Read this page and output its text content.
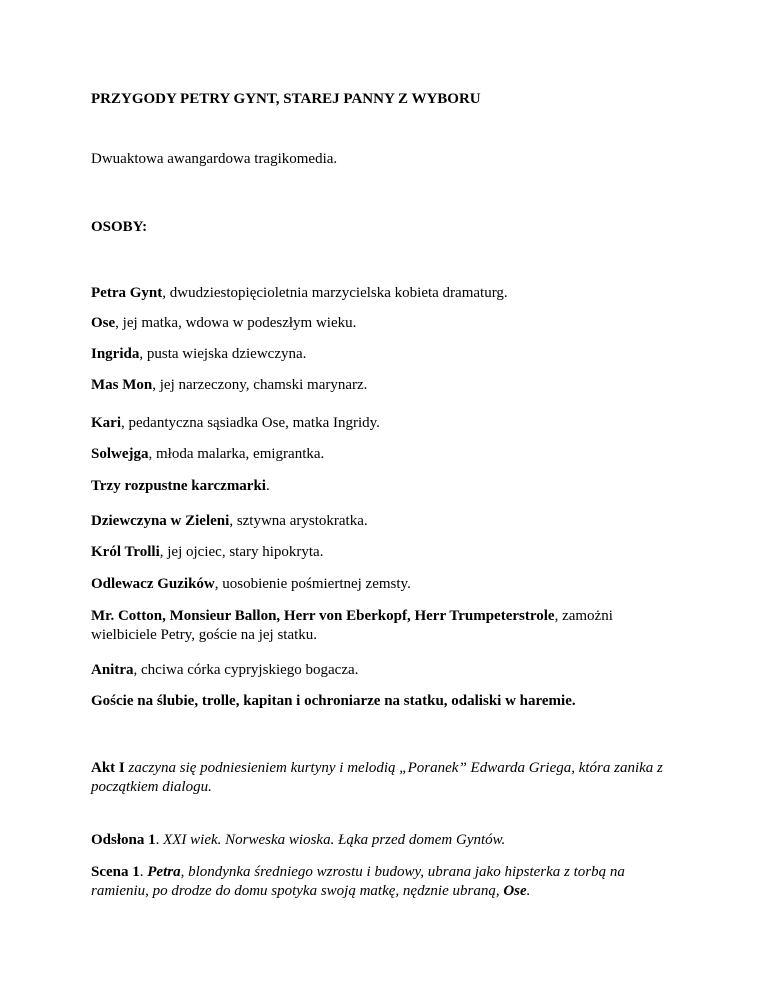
PRZYGODY PETRY GYNT, STAREJ PANNY Z WYBORU

Dwuaktowa awangardowa tragikomedia.

OSOBY:

Petra Gynt, dwudziestopięcioletnia marzycielska kobieta dramaturg.

Ose, jej matka, wdowa w podeszłym wieku.

Ingrida, pusta wiejska dziewczyna.

Mas Mon, jej narzeczony, chamski marynarz.

Kari, pedantyczna sąsiadka Ose, matka Ingridy.

Solwejga, młoda malarka, emigrantka.

Trzy rozpustne karczmarki.

Dziewczyna w Zieleni, sztywna arystokratka.

Król Trolli, jej ojciec, stary hipokryta.

Odlewacz Guzików, uosobienie pośmiertnej zemsty.

Mr. Cotton, Monsieur Ballon, Herr von Eberkopf, Herr Trumpeterstrole, zamożni wielbiciele Petry, goście na jej statku.

Anitra, chciwa córka cypryjskiego bogacza.

Goście na ślubie, trolle, kapitan i ochroniarze na statku, odaliski w haremie.

Akt I zaczyna się podniesieniem kurtyny i melodią „Poranek” Edwarda Griega, która zanika z początkiem dialogu.

Odsłona 1. XXI wiek. Norweska wioska. Łąka przed domem Gyntów.

Scena 1. Petra, blondynka średniego wzrostu i budowy, ubrana jako hipsterka z torbą na ramieniu, po drodze do domu spotyka swoją matkę, nędznie ubraną, Ose.
